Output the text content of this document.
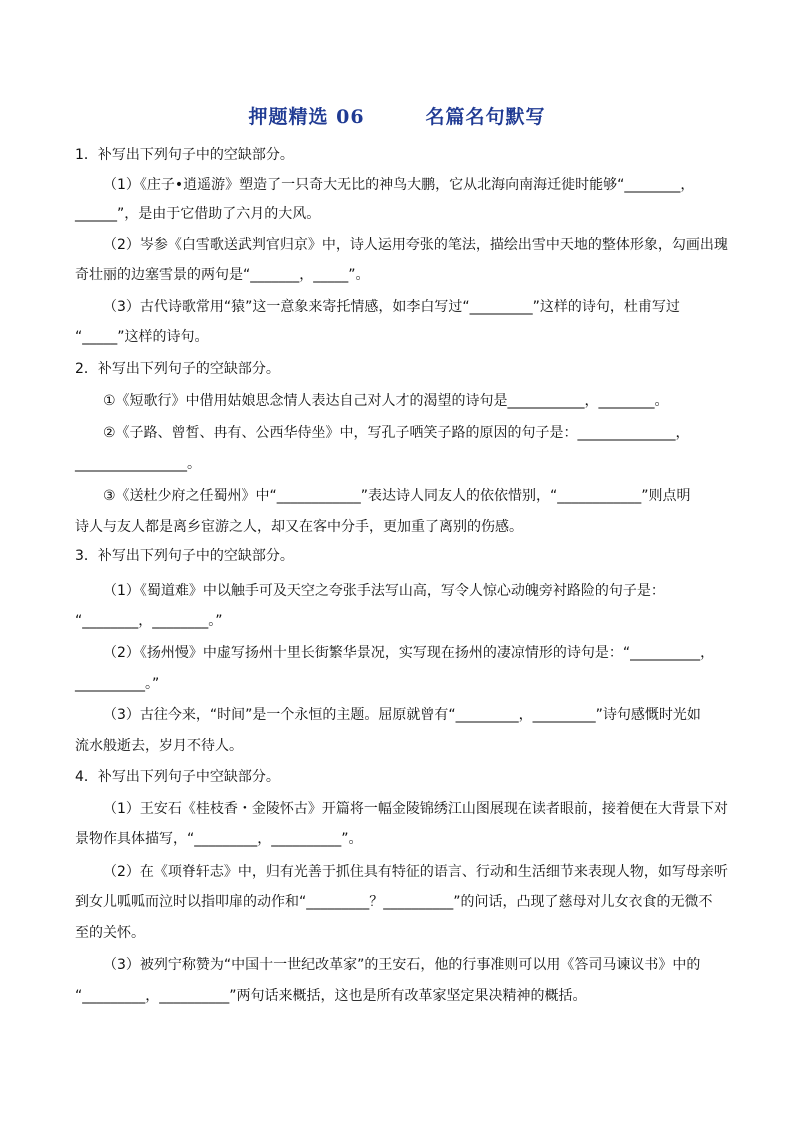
押题精选 06        名篇名句默写
1．补写出下列句子中的空缺部分。
（1）《庄子•逍遥游》塑造了一只奇大无比的神鸟大鹏，它从北海向南海迁徙时能够“________，
______”，是由于它借助了六月的大风。
（2）岑参《白雪歌送武判官归京》中，诗人运用夸张的笔法，描绘出雪中天地的整体形象，勾画出瑰
奇壮丽的边塞雪景的两句是“_______，_____”。
（3）古代诗歌常用“猿”这一意象来寄托情感，如李白写过“_________”这样的诗句，杜甫写过
“_____”这样的诗句。
2．补写出下列句子的空缺部分。
①《短歌行》中借用姑娘思念情人表达自己对人才的渴望的诗句是___________，________。
②《子路、曾皙、冉有、公西华侍坐》中，写孔子哂笑子路的原因的句子是：______________，
________________。
③《送杜少府之任蜀州》中“____________”表达诗人同友人的依依惜别，“____________”则点明
诗人与友人都是离乡宦游之人，却又在客中分手，更加重了离别的伤感。
3．补写出下列句子中的空缺部分。
（1）《蜀道难》中以触手可及天空之夸张手法写山高，写令人惊心动魄旁衬路险的句子是：
“________，________。”
（2）《扬州慢》中虚写扬州十里长街繁华景况，实写现在扬州的凄凉情形的诗句是：“__________，
__________。”
（3）古往今来，“时间”是一个永恒的主题。屈原就曾有“_________，_________”诗句感慨时光如
流水般逝去，岁月不待人。
4．补写出下列句子中空缺部分。
（1）王安石《桂枝香・金陵怀古》开篇将一幅金陵锦绣江山图展现在读者眼前，接着便在大背景下对
景物作具体描写，“_________，__________”。
（2）在《项脊轩志》中，归有光善于抓住具有特征的语言、行动和生活细节来表现人物，如写母亲听
到女儿呱呱而泣时以指叩扉的动作和“_________？__________”的问话，凸现了慈母对儿女衣食的无微不
至的关怀。
（3）被列宁称赞为“中国十一世纪改革家”的王安石，他的行事准则可以用《答司马谏议书》中的
“_________，__________”两句话来概括，这也是所有改革家坚定果决精神的概括。
